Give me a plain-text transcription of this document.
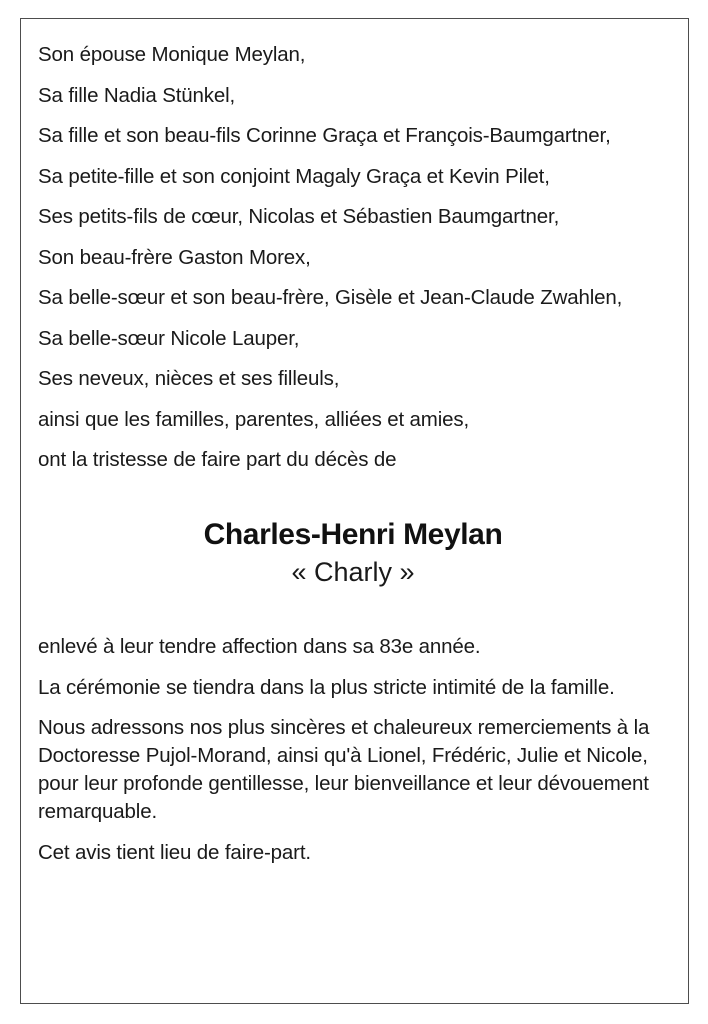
Son épouse Monique Meylan,

Sa fille Nadia Stünkel,

Sa fille et son beau-fils Corinne Graça et François-Baumgartner,

Sa petite-fille et son conjoint Magaly Graça et Kevin Pilet,

Ses petits-fils de cœur, Nicolas et Sébastien Baumgartner,

Son beau-frère Gaston Morex,

Sa belle-sœur et son beau-frère, Gisèle et Jean-Claude Zwahlen,

Sa belle-sœur Nicole Lauper,

Ses neveux, nièces et ses filleuls,

ainsi que les familles, parentes, alliées et amies,

ont la tristesse de faire part du décès de

Charles-Henri Meylan

« Charly »

enlevé à leur tendre affection dans sa 83e année.

La cérémonie se tiendra dans la plus stricte intimité de la famille.

Nous adressons nos plus sincères et chaleureux remerciements à la Doctoresse Pujol-Morand, ainsi qu'à Lionel, Frédéric, Julie et Nicole, pour leur profonde gentillesse, leur bienveillance et leur dévouement remarquable.

Cet avis tient lieu de faire-part.
